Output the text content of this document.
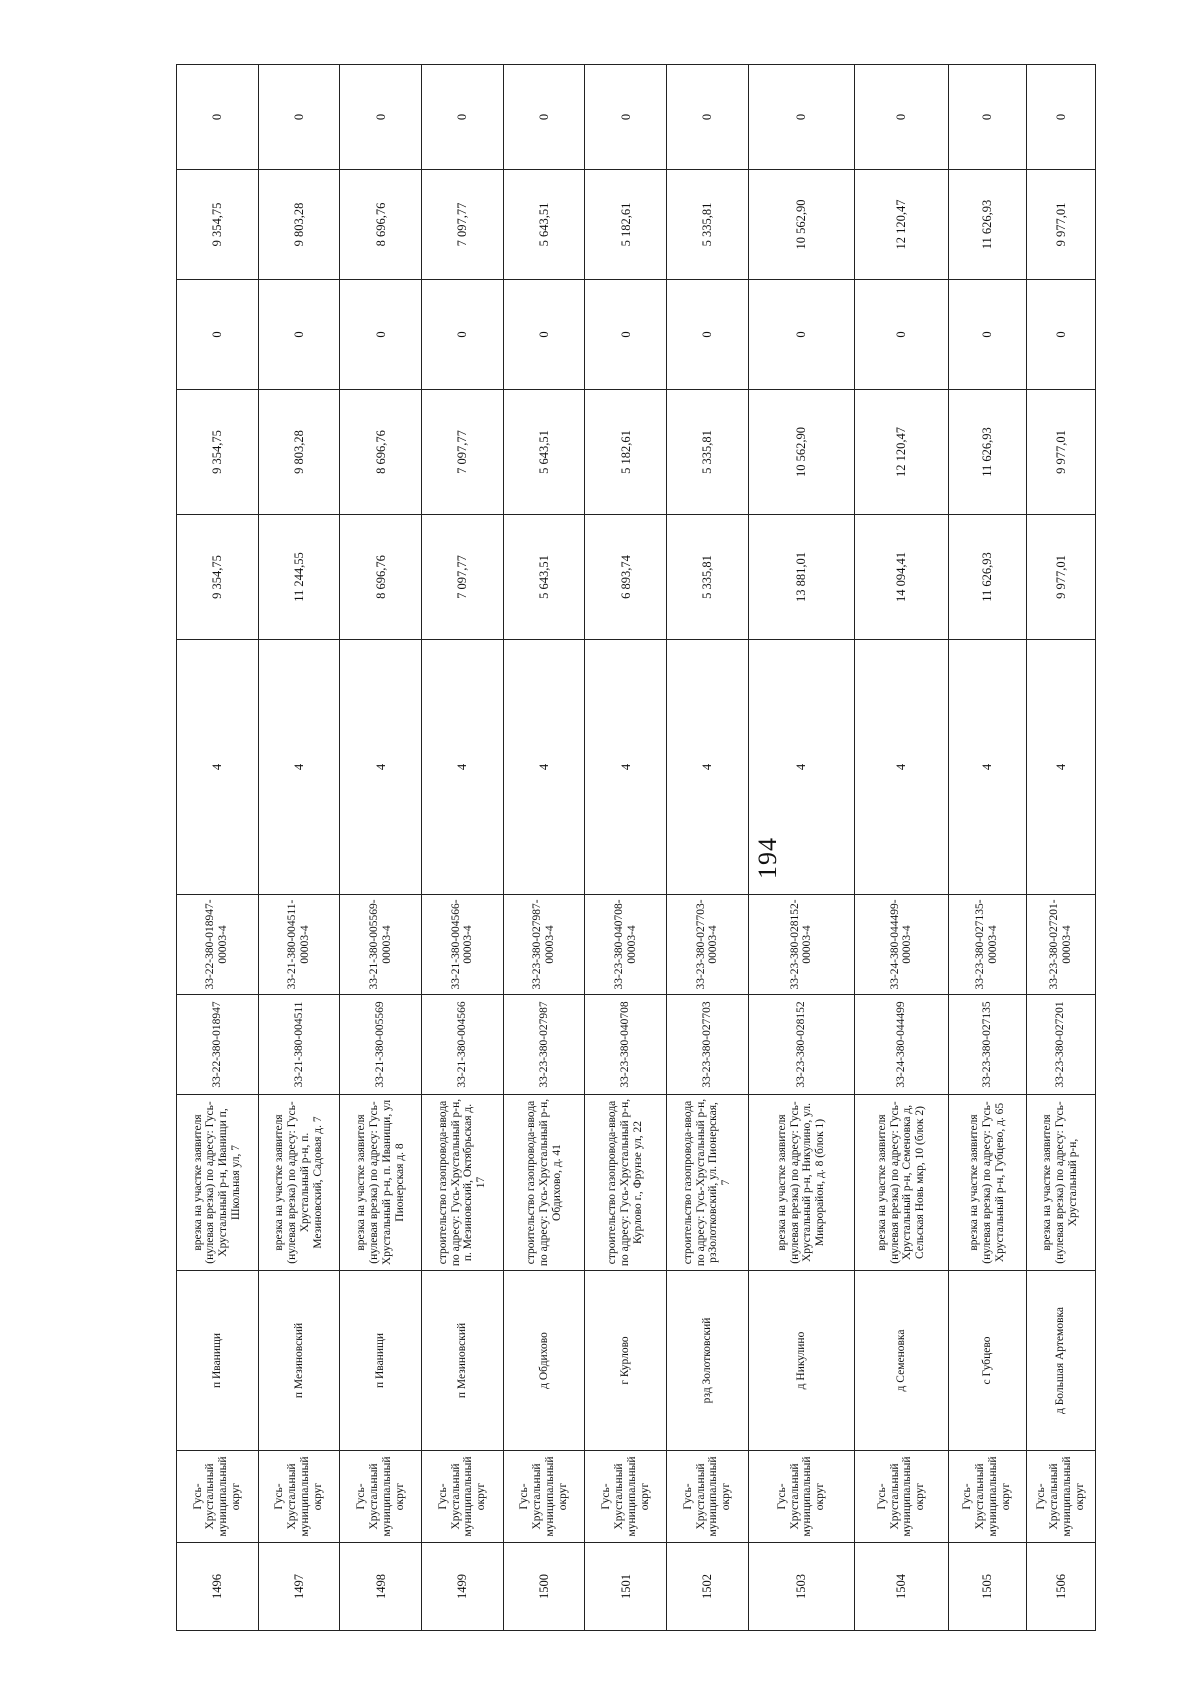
194
1496	Гусь-Хрустальный муниципальный округ	п Иванищи	врезка на участке заявителя (нулевая врезка) по адресу: Гусь-Хрустальный р-н, Иванищи п, Школьная ул, 7	33-22-380-018947	33-22-380-018947-00003-4	4	9 354,75	9 354,75	0	9 354,75	0	
1497	Гусь-Хрустальный муниципальный округ	п Мезиновский	врезка на участке заявителя (нулевая врезка) по адресу: Гусь-Хрустальный р-н, п. Мезиновский, Садовая д. 7	33-21-380-004511	33-21-380-004511-00003-4	4	11 244,55	9 803,28	0	9 803,28	0	
1498	Гусь-Хрустальный муниципальный округ	п Иванищи	врезка на участке заявителя (нулевая врезка) по адресу: Гусь-Хрустальный р-н, п. Иванищи, ул Пионерская д. 8	33-21-380-005569	33-21-380-005569-00003-4	4	8 696,76	8 696,76	0	8 696,76	0	
1499	Гусь-Хрустальный муниципальный округ	п Мезиновский	строительство газопровода-ввода по адресу: Гусь-Хрустальный р-н, п. Мезиновский, Октябрьская д. 17	33-21-380-004566	33-21-380-004566-00003-4	4	7 097,77	7 097,77	0	7 097,77	0	
1500	Гусь-Хрустальный муниципальный округ	д Обдихово	строительство газопровода-ввода по адресу: Гусь-Хрустальный р-н, Обдихово, д. 41	33-23-380-027987	33-23-380-027987-00003-4	4	5 643,51	5 643,51	0	5 643,51	0	
1501	Гусь-Хрустальный муниципальный округ	г Курлово	строительство газопровода-ввода по адресу: Гусь-Хрустальный р-н, Курлово г., Фрунзе ул, 22	33-23-380-040708	33-23-380-040708-00003-4	4	6 893,74	5 182,61	0	5 182,61	0	
1502	Гусь-Хрустальный муниципальный округ	рзд Золотковский	строительство газопровода-ввода по адресу: Гусь-Хрустальный р-н, рзЗолотковский, ул. Пионерская, 7	33-23-380-027703	33-23-380-027703-00003-4	4	5 335,81	5 335,81	0	5 335,81	0	
1503	Гусь-Хрустальный муниципальный округ	д Никулино	врезка на участке заявителя (нулевая врезка) по адресу: Гусь-Хрустальный р-н, Никулино, ул. Микрорайон, д. 8 (блок 1)	33-23-380-028152	33-23-380-028152-00003-4	4	13 881,01	10 562,90	0	10 562,90	0	
1504	Гусь-Хрустальный муниципальный округ	д Семеновка	врезка на участке заявителя (нулевая врезка) по адресу: Гусь-Хрустальный р-н, Семеновка д, Сельская Новь мкр, 10 (блок 2)	33-24-380-044499	33-24-380-044499-00003-4	4	14 094,41	12 120,47	0	12 120,47	0	
1505	Гусь-Хрустальный муниципальный округ	с Губцево	врезка на участке заявителя (нулевая врезка) по адресу: Гусь-Хрустальный р-н, Губцево, д. 65	33-23-380-027135	33-23-380-027135-00003-4	4	11 626,93	11 626,93	0	11 626,93	0	
1506	Гусь-Хрустальный муниципальный округ	д Большая Артемовка	врезка на участке заявителя (нулевая врезка) по адресу: Гусь-Хрустальный р-н,	33-23-380-027201	33-23-380-027201-00003-4	4	9 977,01	9 977,01	0	9 977,01	0	
